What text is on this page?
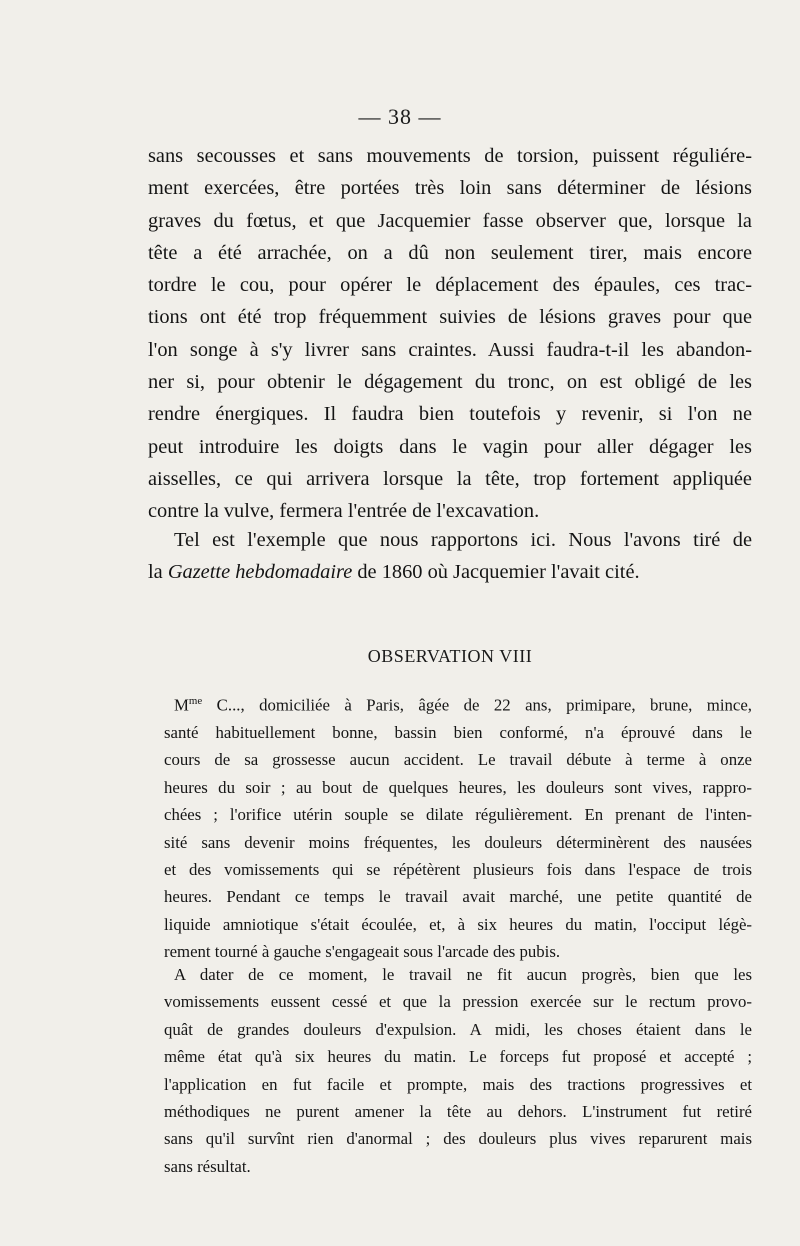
— 38 —
sans secousses et sans mouvements de torsion, puissent réguliére-
ment exercées, être portées très loin sans déterminer de lésions
graves du fœtus, et que Jacquemier fasse observer que, lorsque la
tête a été arrachée, on a dû non seulement tirer, mais encore
tordre le cou, pour opérer le déplacement des épaules, ces trac-
tions ont été trop fréquemment suivies de lésions graves pour que
l'on songe à s'y livrer sans craintes. Aussi faudra-t-il les abandon-
ner si, pour obtenir le dégagement du tronc, on est obligé de les
rendre énergiques. Il faudra bien toutefois y revenir, si l'on ne
peut introduire les doigts dans le vagin pour aller dégager les
aisselles, ce qui arrivera lorsque la tête, trop fortement appliquée
contre la vulve, fermera l'entrée de l'excavation.
Tel est l'exemple que nous rapportons ici. Nous l'avons tiré de
la Gazette hebdomadaire de 1860 où Jacquemier l'avait cité.
OBSERVATION VIII
$M^{me}$ C..., domiciliée à Paris, âgée de 22 ans, primipare, brune, mince,
santé habituellement bonne, bassin bien conformé, n'a éprouvé dans le
cours de sa grossesse aucun accident. Le travail débute à terme à onze
heures du soir ; au bout de quelques heures, les douleurs sont vives, rappro-
chées ; l'orifice utérin souple se dilate régulièrement. En prenant de l'inten-
sité sans devenir moins fréquentes, les douleurs déterminèrent des nausées
et des vomissements qui se répétèrent plusieurs fois dans l'espace de trois
heures. Pendant ce temps le travail avait marché, une petite quantité de
liquide amniotique s'était écoulée, et, à six heures du matin, l'occiput légè-
rement tourné à gauche s'engageait sous l'arcade des pubis.
A dater de ce moment, le travail ne fit aucun progrès, bien que les
vomissements eussent cessé et que la pression exercée sur le rectum provo-
quât de grandes douleurs d'expulsion. A midi, les choses étaient dans le
même état qu'à six heures du matin. Le forceps fut proposé et accepté ;
l'application en fut facile et prompte, mais des tractions progressives et
méthodiques ne purent amener la tête au dehors. L'instrument fut retiré
sans qu'il survînt rien d'anormal ; des douleurs plus vives reparurent mais
sans résultat.
